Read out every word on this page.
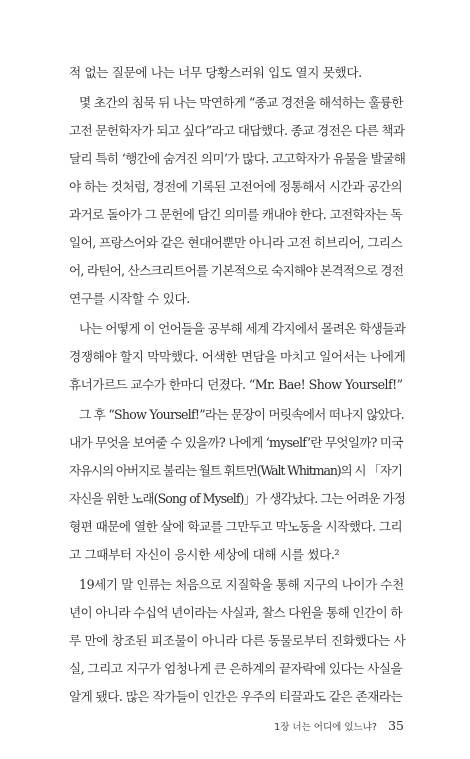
적 없는 질문에 나는 너무 당황스러워 입도 열지 못했다.
몇 초간의 침묵 뒤 나는 막연하게 “종교 경전을 해석하는 훌륭한
고전 문헌학자가 되고 싶다”라고 대답했다. 종교 경전은 다른 책과
달리 특히 ‘행간에 숨겨진 의미’가 많다. 고고학자가 유물을 발굴해
야 하는 것처럼, 경전에 기록된 고전어에 정통해서 시간과 공간의
과거로 돌아가 그 문헌에 담긴 의미를 캐내야 한다. 고전학자는 독
일어, 프랑스어와 같은 현대어뿐만 아니라 고전 히브리어, 그리스
어, 라틴어, 산스크리트어를 기본적으로 숙지해야 본격적으로 경전
연구를 시작할 수 있다.
나는 어떻게 이 언어들을 공부해 세계 각지에서 몰려온 학생들과
경쟁해야 할지 막막했다. 어색한 면담을 마치고 일어서는 나에게
휴너가르드 교수가 한마디 던졌다. “Mr. Bae! Show Yourself!”
그 후 “Show Yourself!”라는 문장이 머릿속에서 떠나지 않았다.
내가 무엇을 보여줄 수 있을까? 나에게 ‘myself’란 무엇일까? 미국
자유시의 아버지로 불리는 월트 휘트먼(Walt Whitman)의 시 「자기
자신을 위한 노래(Song of Myself)」가 생각났다. 그는 어려운 가정
형편 때문에 열한 살에 학교를 그만두고 막노동을 시작했다. 그리
고 그때부터 자신이 응시한 세상에 대해 시를 썼다.²
19세기 말 인류는 처음으로 지질학을 통해 지구의 나이가 수천
년이 아니라 수십억 년이라는 사실과, 찰스 다윈을 통해 인간이 하
루 만에 창조된 피조물이 아니라 다른 동물로부터 진화했다는 사
실, 그리고 지구가 엄청나게 큰 은하계의 끝자락에 있다는 사실을
알게 됐다. 많은 작가들이 인간은 우주의 티끌과도 같은 존재라는
1장 너는 어디에 있느냐? 35
